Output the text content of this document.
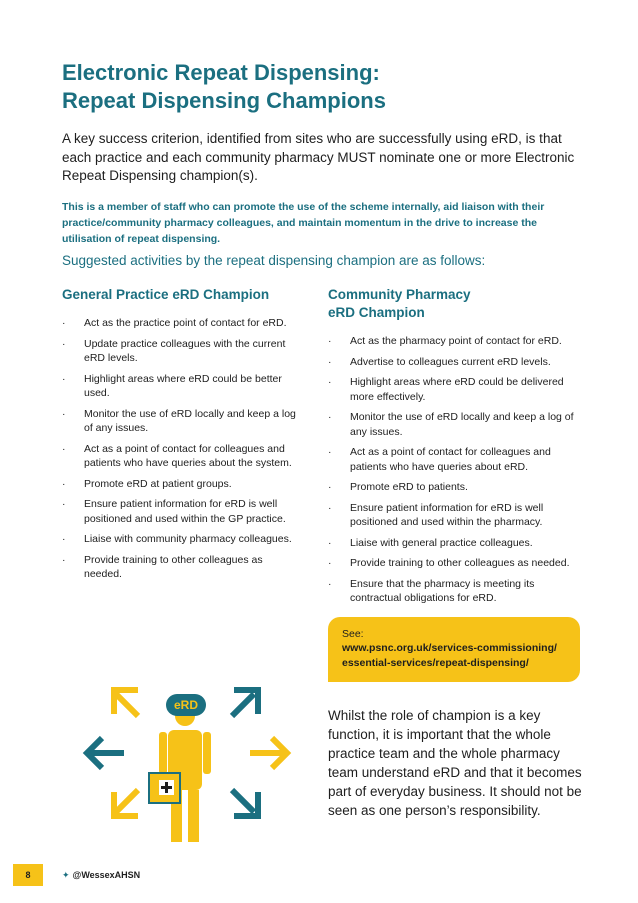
Electronic Repeat Dispensing:
Repeat Dispensing Champions

A key success criterion, identified from sites who are successfully using eRD, is that each practice and each community pharmacy MUST nominate one or more Electronic Repeat Dispensing champion(s).

This is a member of staff who can promote the use of the scheme internally, aid liaison with their practice/community pharmacy colleagues, and maintain momentum in the drive to increase the utilisation of repeat dispensing.

Suggested activities by the repeat dispensing champion are as follows:

General Practice eRD Champion
· Act as the practice point of contact for eRD.
· Update practice colleagues with the current eRD levels.
· Highlight areas where eRD could be better used.
· Monitor the use of eRD locally and keep a log of any issues.
· Act as a point of contact for colleagues and patients who have queries about the system.
· Promote eRD at patient groups.
· Ensure patient information for eRD is well positioned and used within the GP practice.
· Liaise with community pharmacy colleagues.
· Provide training to other colleagues as needed.
Community Pharmacy
eRD Champion
· Act as the pharmacy point of contact for eRD.
· Advertise to colleagues current eRD levels.
· Highlight areas where eRD could be delivered more effectively.
· Monitor the use of eRD locally and keep a log of any issues.
· Act as a point of contact for colleagues and patients who have queries about eRD.
· Promote eRD to patients.
· Ensure patient information for eRD is well positioned and used within the pharmacy.
· Liaise with general practice colleagues.
· Provide training to other colleagues as needed.
· Ensure that the pharmacy is meeting its contractual obligations for eRD.
See:
www.psnc.org.uk/services-commissioning/
essential-services/repeat-dispensing/

Whilst the role of champion is a key function, it is important that the whole practice team and the whole pharmacy team understand eRD and that it becomes part of everyday business. It should not be seen as one person’s responsibility.

eRD
8	✦ @WessexAHSN
